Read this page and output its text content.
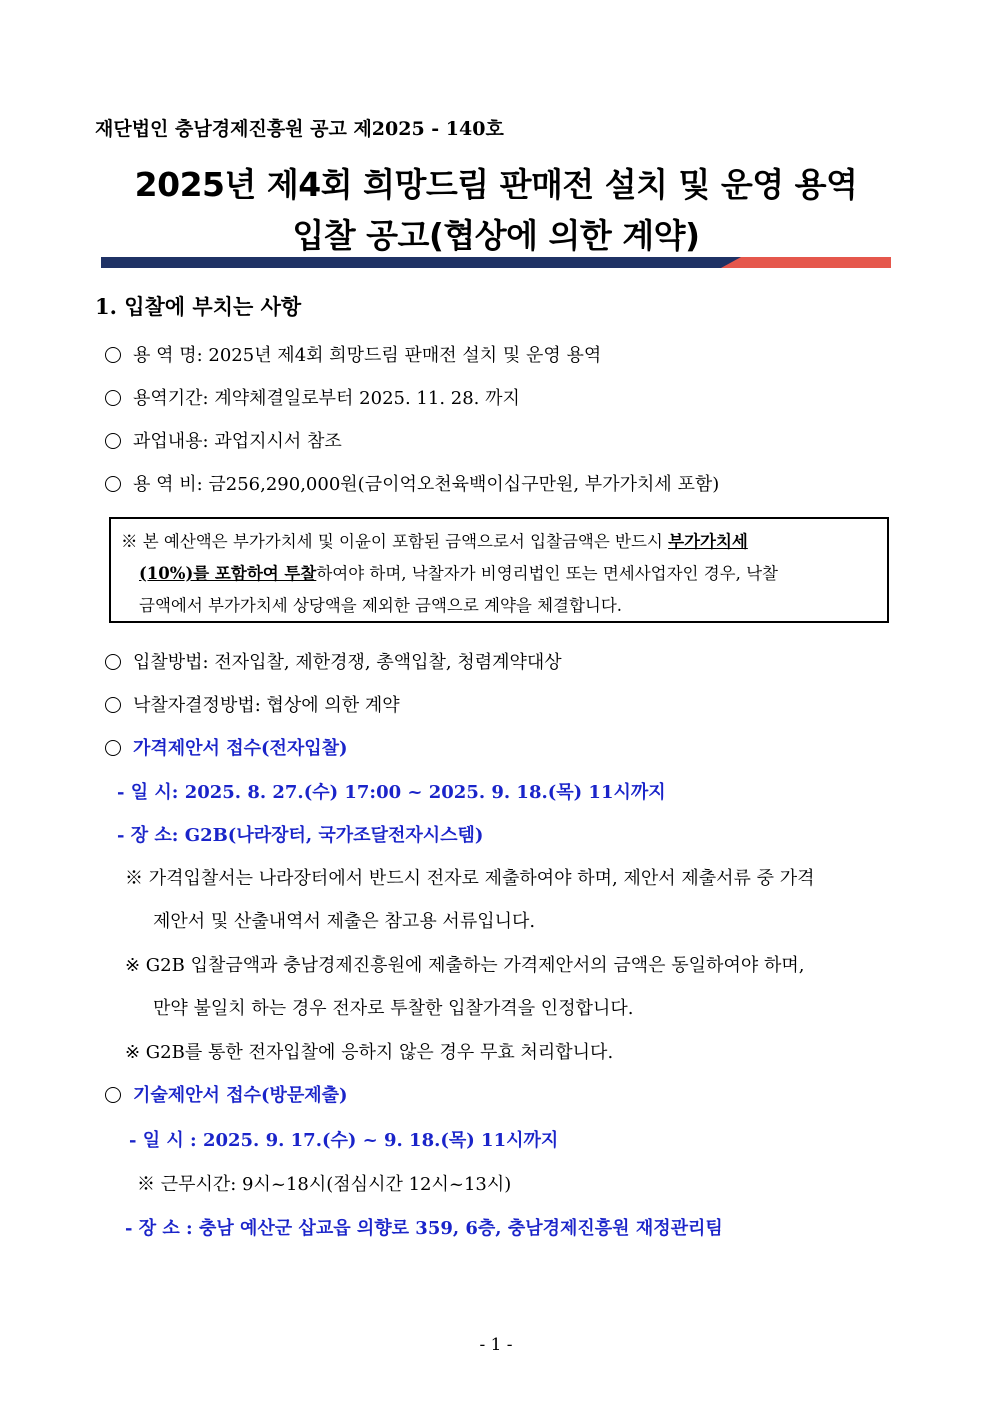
재단법인 충남경제진흥원 공고 제2025 - 140호
2025년 제4회 희망드림 판매전 설치 및 운영 용역
입찰 공고(협상에 의한 계약)
1. 입찰에 부치는 사항
용 역 명: 2025년 제4회 희망드림 판매전 설치 및 운영 용역
용역기간: 계약체결일로부터 2025. 11. 28. 까지
과업내용: 과업지시서 참조
용 역 비: 금256,290,000원(금이억오천육백이십구만원, 부가가치세 포함)
※ 본 예산액은 부가가치세 및 이윤이 포함된 금액으로서 입찰금액은 반드시 부가가치세
(10%)를 포함하여 투찰하여야 하며, 낙찰자가 비영리법인 또는 면세사업자인 경우, 낙찰
금액에서 부가가치세 상당액을 제외한 금액으로 계약을 체결합니다.
입찰방법: 전자입찰, 제한경쟁, 총액입찰, 청렴계약대상
낙찰자결정방법: 협상에 의한 계약
가격제안서 접수(전자입찰)
- 일 시: 2025. 8. 27.(수) 17:00 ~ 2025. 9. 18.(목) 11시까지
- 장 소: G2B(나라장터, 국가조달전자시스템)
※ 가격입찰서는 나라장터에서 반드시 전자로 제출하여야 하며, 제안서 제출서류 중 가격
제안서 및 산출내역서 제출은 참고용 서류입니다.
※ G2B 입찰금액과 충남경제진흥원에 제출하는 가격제안서의 금액은 동일하여야 하며,
만약 불일치 하는 경우 전자로 투찰한 입찰가격을 인정합니다.
※ G2B를 통한 전자입찰에 응하지 않은 경우 무효 처리합니다.
기술제안서 접수(방문제출)
- 일 시 : 2025. 9. 17.(수) ~ 9. 18.(목) 11시까지
※ 근무시간: 9시~18시(점심시간 12시~13시)
- 장 소 : 충남 예산군 삽교읍 의향로 359, 6층, 충남경제진흥원 재정관리팀
- 1 -
